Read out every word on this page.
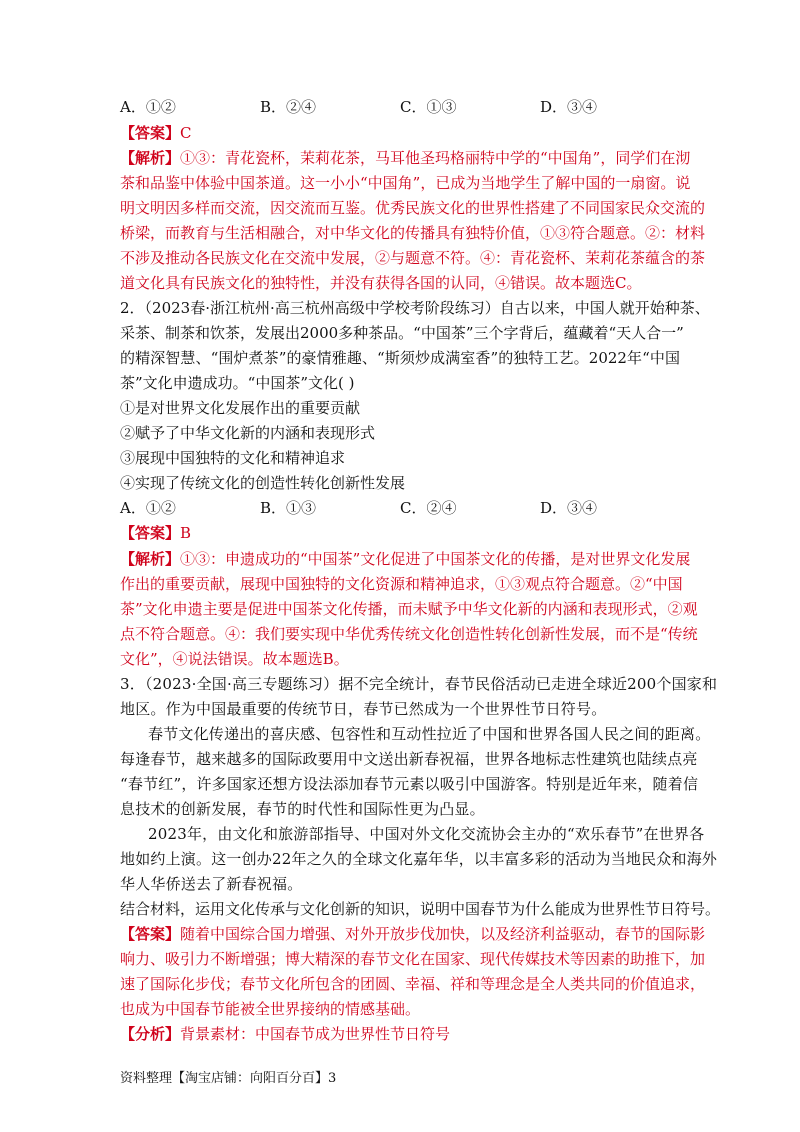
A．①②	B．②④	C．①③	D．③④
【答案】C
【解析】①③：青花瓷杯，茉莉花茶，马耳他圣玛格丽特中学的“中国角”，同学们在沏
茶和品鉴中体验中国茶道。这一小小“中国角”，已成为当地学生了解中国的一扇窗。说
明文明因多样而交流，因交流而互鉴。优秀民族文化的世界性搭建了不同国家民众交流的
桥梁，而教育与生活相融合，对中华文化的传播具有独特价值，①③符合题意。②：材料
不涉及推动各民族文化在交流中发展，②与题意不符。④：青花瓷杯、茉莉花茶蕴含的茶
道文化具有民族文化的独特性，并没有获得各国的认同，④错误。故本题选C。
2．（2023春·浙江杭州·高三杭州高级中学校考阶段练习）自古以来，中国人就开始种茶、
采茶、制茶和饮茶，发展出2000多种茶品。“中国茶”三个字背后，蕴藏着“天人合一”
的精深智慧、“围炉煮茶”的豪情雅趣、“斯须炒成满室香”的独特工艺。2022年“中国
茶”文化申遗成功。“中国茶”文化( )
①是对世界文化发展作出的重要贡献
②赋予了中华文化新的内涵和表现形式
③展现中国独特的文化和精神追求
④实现了传统文化的创造性转化创新性发展
A．①②	B．①③	C．②④	D．③④
【答案】B
【解析】①③：申遗成功的“中国茶”文化促进了中国茶文化的传播，是对世界文化发展
作出的重要贡献，展现中国独特的文化资源和精神追求，①③观点符合题意。②“中国
茶”文化申遗主要是促进中国茶文化传播，而未赋予中华文化新的内涵和表现形式，②观
点不符合题意。④：我们要实现中华优秀传统文化创造性转化创新性发展，而不是“传统
文化”，④说法错误。故本题选B。
3．（2023·全国·高三专题练习）据不完全统计，春节民俗活动已走进全球近200个国家和
地区。作为中国最重要的传统节日，春节已然成为一个世界性节日符号。
春节文化传递出的喜庆感、包容性和互动性拉近了中国和世界各国人民之间的距离。
每逢春节，越来越多的国际政要用中文送出新春祝福，世界各地标志性建筑也陆续点亮
“春节红”，许多国家还想方设法添加春节元素以吸引中国游客。特别是近年来，随着信
息技术的创新发展，春节的时代性和国际性更为凸显。
2023年，由文化和旅游部指导、中国对外文化交流协会主办的“欢乐春节”在世界各
地如约上演。这一创办22年之久的全球文化嘉年华，以丰富多彩的活动为当地民众和海外
华人华侨送去了新春祝福。
结合材料，运用文化传承与文化创新的知识，说明中国春节为什么能成为世界性节日符号。
【答案】随着中国综合国力增强、对外开放步伐加快，以及经济利益驱动，春节的国际影
响力、吸引力不断增强；博大精深的春节文化在国家、现代传媒技术等因素的助推下，加
速了国际化步伐；春节文化所包含的团圆、幸福、祥和等理念是全人类共同的价值追求，
也成为中国春节能被全世界接纳的情感基础。
【分析】背景素材：中国春节成为世界性节日符号
资料整理【淘宝店铺：向阳百分百】3
